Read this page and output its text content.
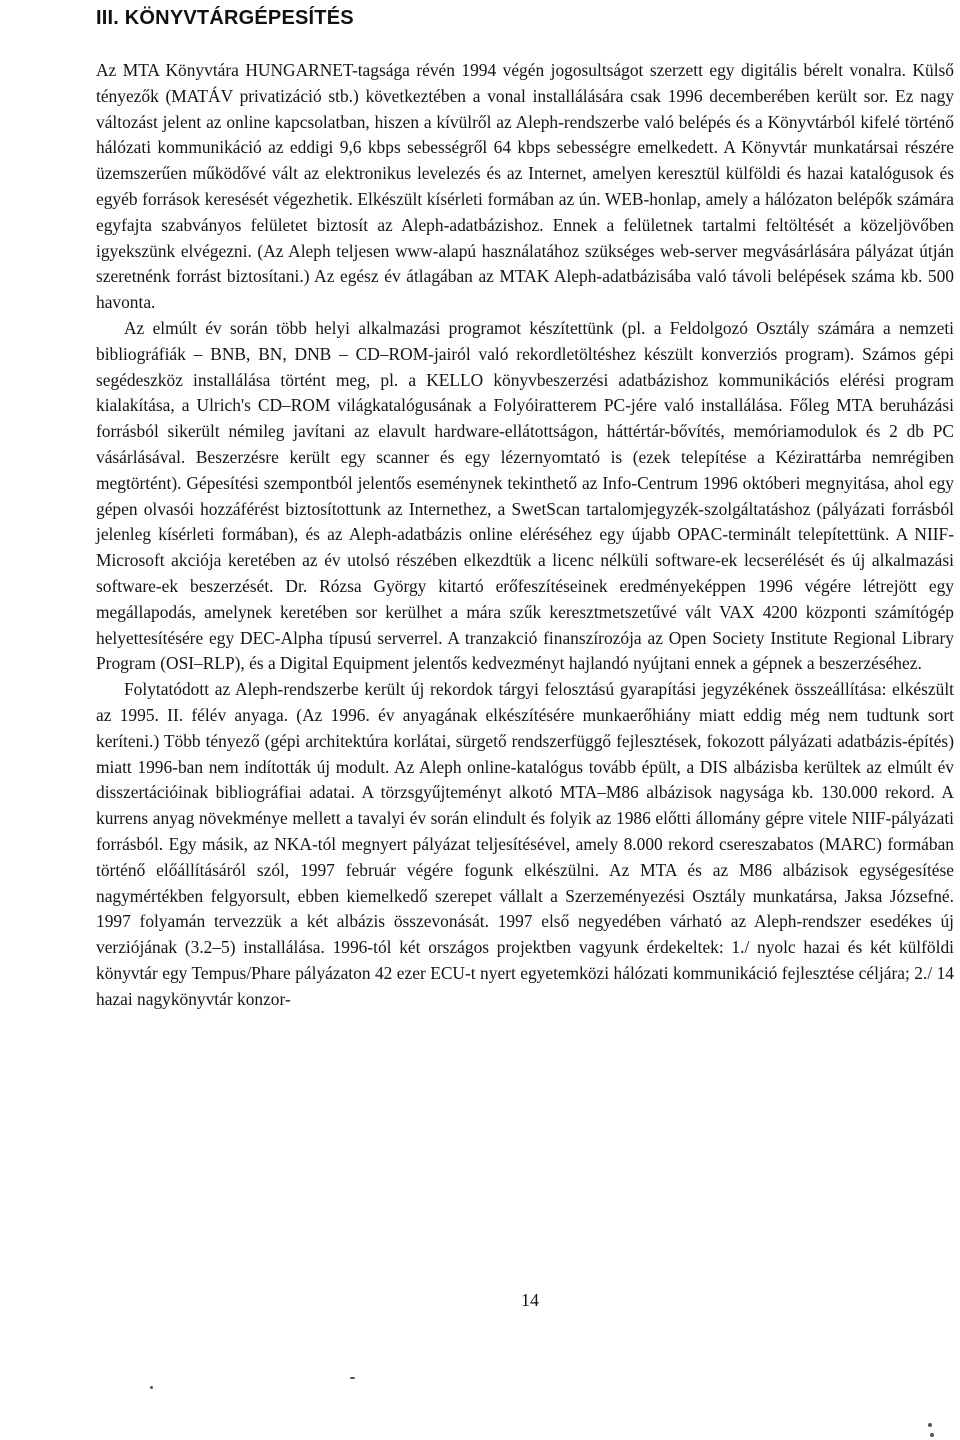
III. KÖNYVTÁRGÉPESÍTÉS

Az MTA Könyvtára HUNGARNET-tagsága révén 1994 végén jogosultságot szerzett egy digitális bérelt vonalra. Külső tényezők (MATÁV privatizáció stb.) következtében a vonal installálására csak 1996 decemberében került sor. Ez nagy változást jelent az online kapcsolatban, hiszen a kívülről az Aleph-rendszerbe való belépés és a Könyvtárból kifelé történő hálózati kommunikáció az eddigi 9,6 kbps sebességről 64 kbps sebességre emelkedett. A Könyvtár munkatársai részére üzemszerűen működővé vált az elektronikus levelezés és az Internet, amelyen keresztül külföldi és hazai katalógusok és egyéb források keresését végezhetik. Elkészült kísérleti formában az ún. WEB-honlap, amely a hálózaton belépők számára egyfajta szabványos felületet biztosít az Aleph-adatbázishoz. Ennek a felületnek tartalmi feltöltését a közeljövőben igyekszünk elvégezni. (Az Aleph teljesen www-alapú használatához szükséges web-server megvásárlására pályázat útján szeretnénk forrást biztosítani.) Az egész év átlagában az MTAK Aleph-adatbázisába való távoli belépések száma kb. 500 havonta.

Az elmúlt év során több helyi alkalmazási programot készítettünk (pl. a Feldolgozó Osztály számára a nemzeti bibliográfiák – BNB, BN, DNB – CD–ROM-jairól való rekordletöltéshez készült konverziós program). Számos gépi segédeszköz installálása történt meg, pl. a KELLO könyvbeszerzési adatbázishoz kommunikációs elérési program kialakítása, a Ulrich's CD–ROM világkatalógusának a Folyóiratterem PC-jére való installálása. Főleg MTA beruházási forrásból sikerült némileg javítani az elavult hardware-ellátottságon, háttértár-bővítés, memóriamodulok és 2 db PC vásárlásával. Beszerzésre került egy scanner és egy lézernyomtató is (ezek telepítése a Kézirattárba nemrégiben megtörtént). Gépesítési szempontból jelentős eseménynek tekinthető az Info-Centrum 1996 októberi megnyitása, ahol egy gépen olvasói hozzáférést biztosítottunk az Internethez, a SwetScan tartalomjegyzék-szolgáltatáshoz (pályázati forrásból jelenleg kísérleti formában), és az Aleph-adatbázis online eléréséhez egy újabb OPAC-terminált telepítettünk. A NIIF-Microsoft akciója keretében az év utolsó részében elkezdtük a licenc nélküli software-ek lecserélését és új alkalmazási software-ek beszerzését. Dr. Rózsa György kitartó erőfeszítéseinek eredményeképpen 1996 végére létrejött egy megállapodás, amelynek keretében sor kerülhet a mára szűk keresztmetszetűvé vált VAX 4200 központi számítógép helyettesítésére egy DEC-Alpha típusú serverrel. A tranzakció finanszírozója az Open Society Institute Regional Library Program (OSI–RLP), és a Digital Equipment jelentős kedvezményt hajlandó nyújtani ennek a gépnek a beszerzéséhez.

Folytatódott az Aleph-rendszerbe került új rekordok tárgyi felosztású gyarapítási jegyzékének összeállítása: elkészült az 1995. II. félév anyaga. (Az 1996. év anyagának elkészítésére munkaerőhiány miatt eddig még nem tudtunk sort keríteni.) Több tényező (gépi architektúra korlátai, sürgető rendszerfüggő fejlesztések, fokozott pályázati adatbázis-építés) miatt 1996-ban nem indították új modult. Az Aleph online-katalógus tovább épült, a DIS albázisba kerültek az elmúlt év disszertációinak bibliográfiai adatai. A törzsgyűjteményt alkotó MTA–M86 albázisok nagysága kb. 130.000 rekord. A kurrens anyag növekménye mellett a tavalyi év során elindult és folyik az 1986 előtti állomány gépre vitele NIIF-pályázati forrásból. Egy másik, az NKA-tól megnyert pályázat teljesítésével, amely 8.000 rekord csereszabatos (MARC) formában történő előállításáról szól, 1997 február végére fogunk elkészülni. Az MTA és az M86 albázisok egységesítése nagymértékben felgyorsult, ebben kiemelkedő szerepet vállalt a Szerzeményezési Osztály munkatársa, Jaksa Józsefné. 1997 folyamán tervezzük a két albázis összevonását. 1997 első negyedében várható az Aleph-rendszer esedékes új verziójának (3.2–5) installálása. 1996-tól két országos projektben vagyunk érdekeltek: 1./ nyolc hazai és két külföldi könyvtár egy Tempus/Phare pályázaton 42 ezer ECU-t nyert egyetemközi hálózati kommunikáció fejlesztése céljára; 2./ 14 hazai nagykönyvtár konzor-

14
